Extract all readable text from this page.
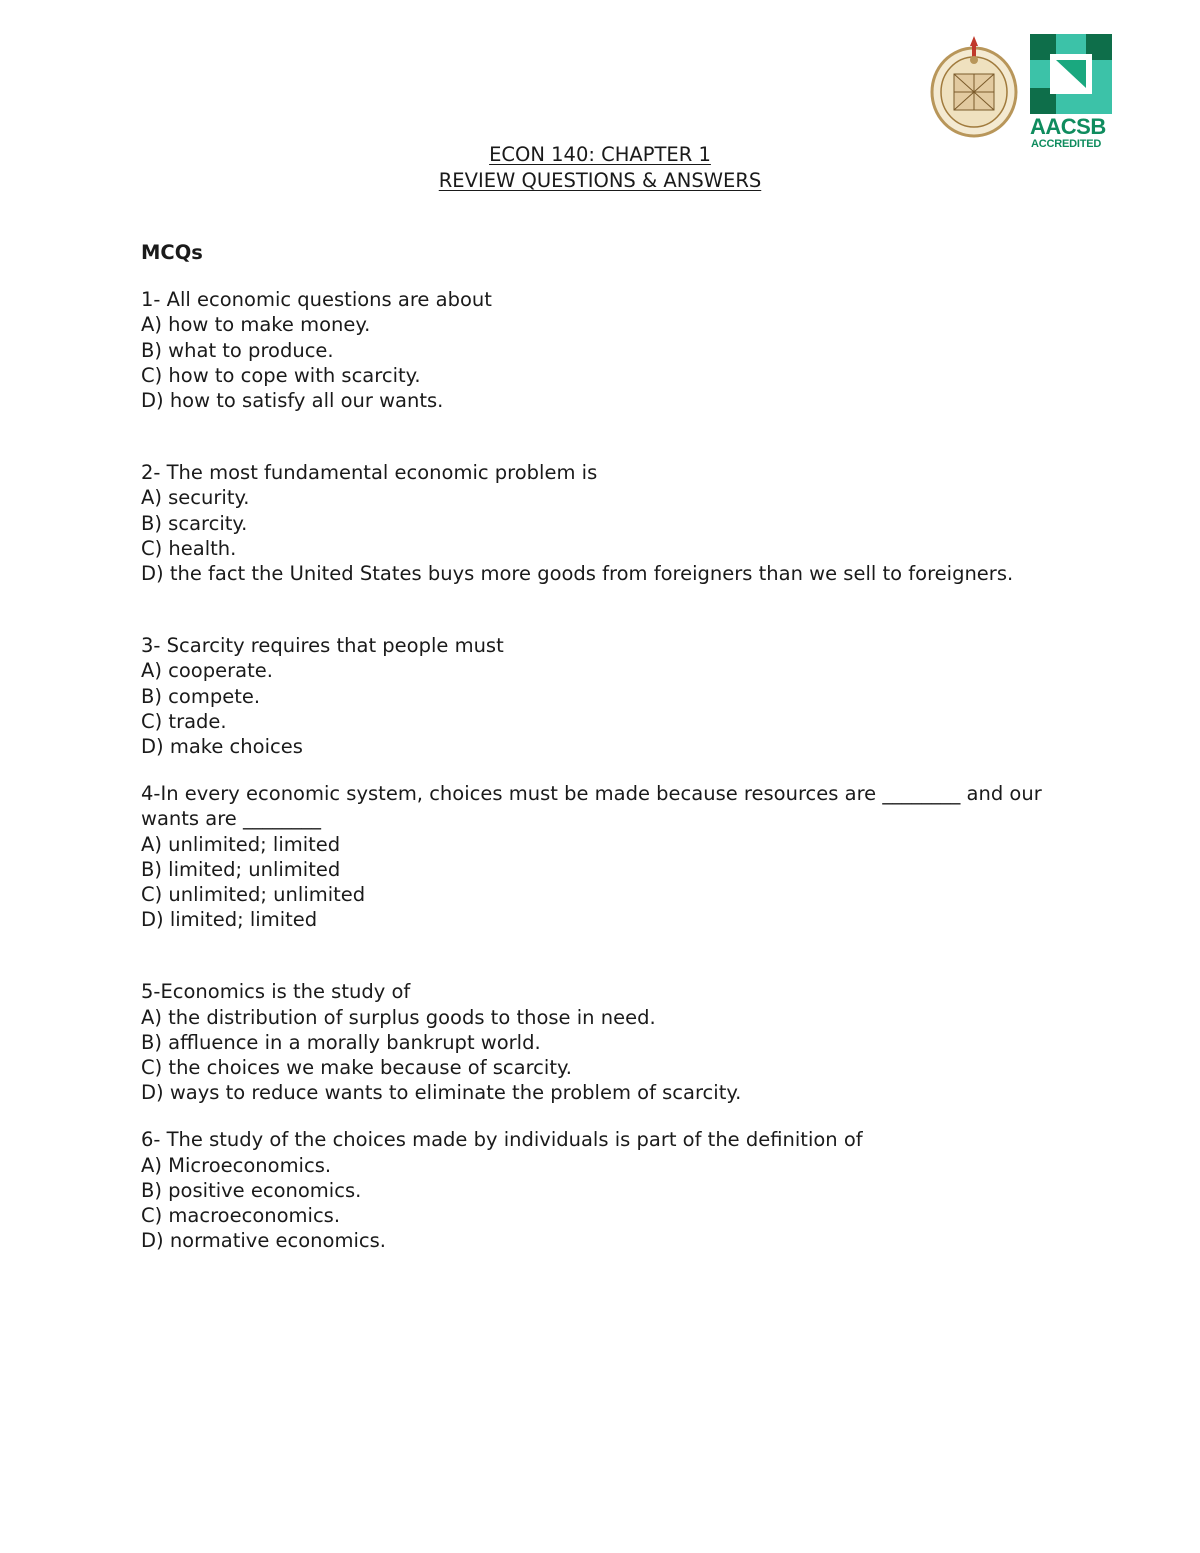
AACSB
ACCREDITED
ECON 140: CHAPTER 1
REVIEW QUESTIONS & ANSWERS
MCQs
1- All economic questions are about
A) how to make money.
B) what to produce.
C) how to cope with scarcity.
D) how to satisfy all our wants.
2- The most fundamental economic problem is
A) security.
B) scarcity.
C) health.
D) the fact the United States buys more goods from foreigners than we sell to foreigners.
3- Scarcity requires that people must
A) cooperate.
B) compete.
C) trade.
D) make choices
4-In every economic system, choices must be made because resources are ________ and our wants are ________
A) unlimited; limited
B) limited; unlimited
C) unlimited; unlimited
D) limited; limited
5-Economics is the study of
A) the distribution of surplus goods to those in need.
B) affluence in a morally bankrupt world.
C) the choices we make because of scarcity.
D) ways to reduce wants to eliminate the problem of scarcity.
6- The study of the choices made by individuals is part of the definition of
A) Microeconomics.
B) positive economics.
C) macroeconomics.
D) normative economics.
